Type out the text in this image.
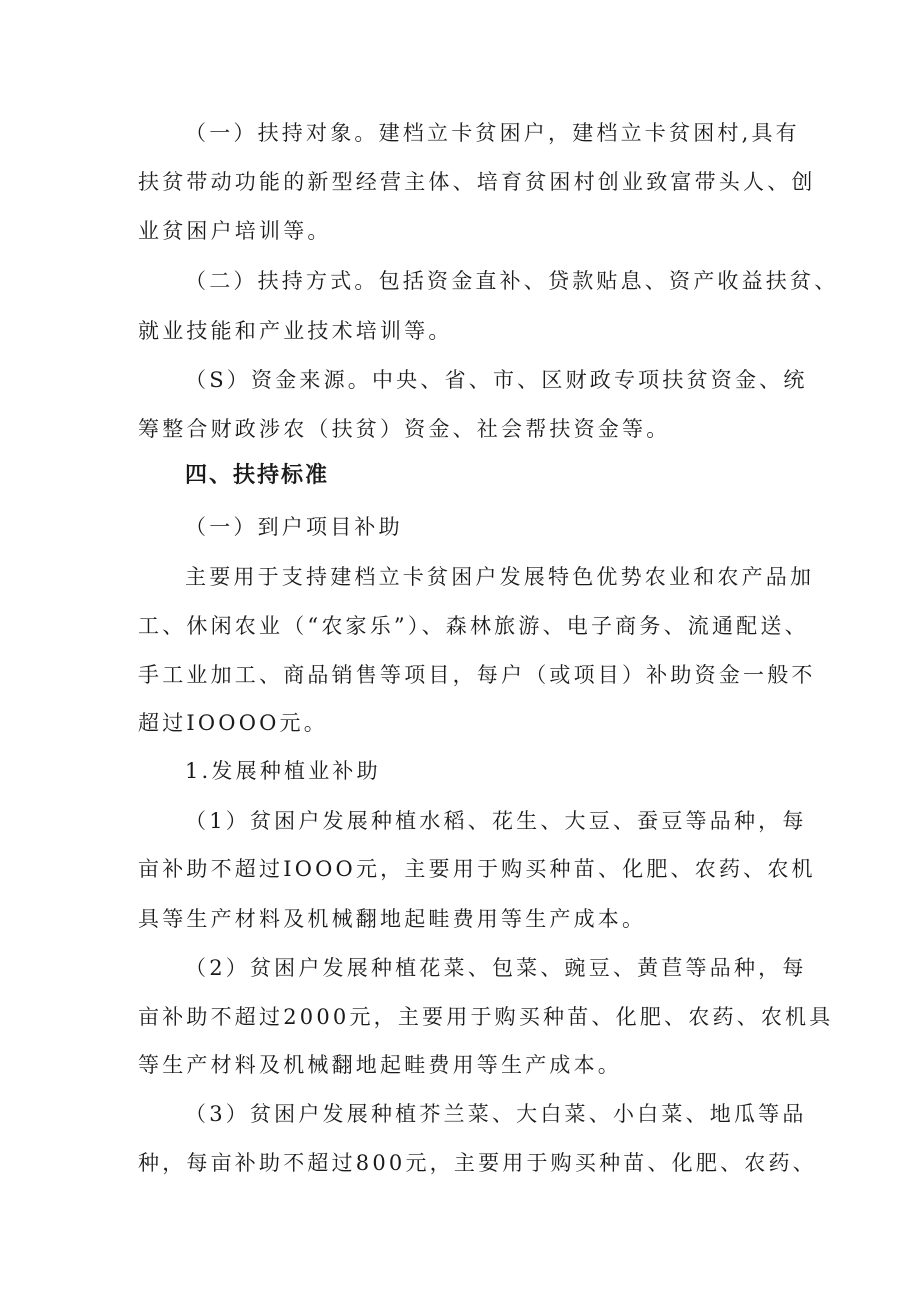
（一）扶持对象。建档立卡贫困户，建档立卡贫困村,具有
扶贫带动功能的新型经营主体、培育贫困村创业致富带头人、创
业贫困户培训等。
（二）扶持方式。包括资金直补、贷款贴息、资产收益扶贫、
就业技能和产业技术培训等。
（S）资金来源。中央、省、市、区财政专项扶贫资金、统
筹整合财政涉农（扶贫）资金、社会帮扶资金等。
四、扶持标准
（一）到户项目补助
主要用于支持建档立卡贫困户发展特色优势农业和农产品加
工、休闲农业（“农家乐”）、森林旅游、电子商务、流通配送、
手工业加工、商品销售等项目，每户（或项目）补助资金一般不
超过IOOOO元。
1.发展种植业补助
（1）贫困户发展种植水稻、花生、大豆、蚕豆等品种，每
亩补助不超过IOOO元，主要用于购买种苗、化肥、农药、农机
具等生产材料及机械翻地起畦费用等生产成本。
（2）贫困户发展种植花菜、包菜、豌豆、黄苣等品种，每
亩补助不超过2000元，主要用于购买种苗、化肥、农药、农机具
等生产材料及机械翻地起畦费用等生产成本。
（3）贫困户发展种植芥兰菜、大白菜、小白菜、地瓜等品
种，每亩补助不超过800元，主要用于购买种苗、化肥、农药、
